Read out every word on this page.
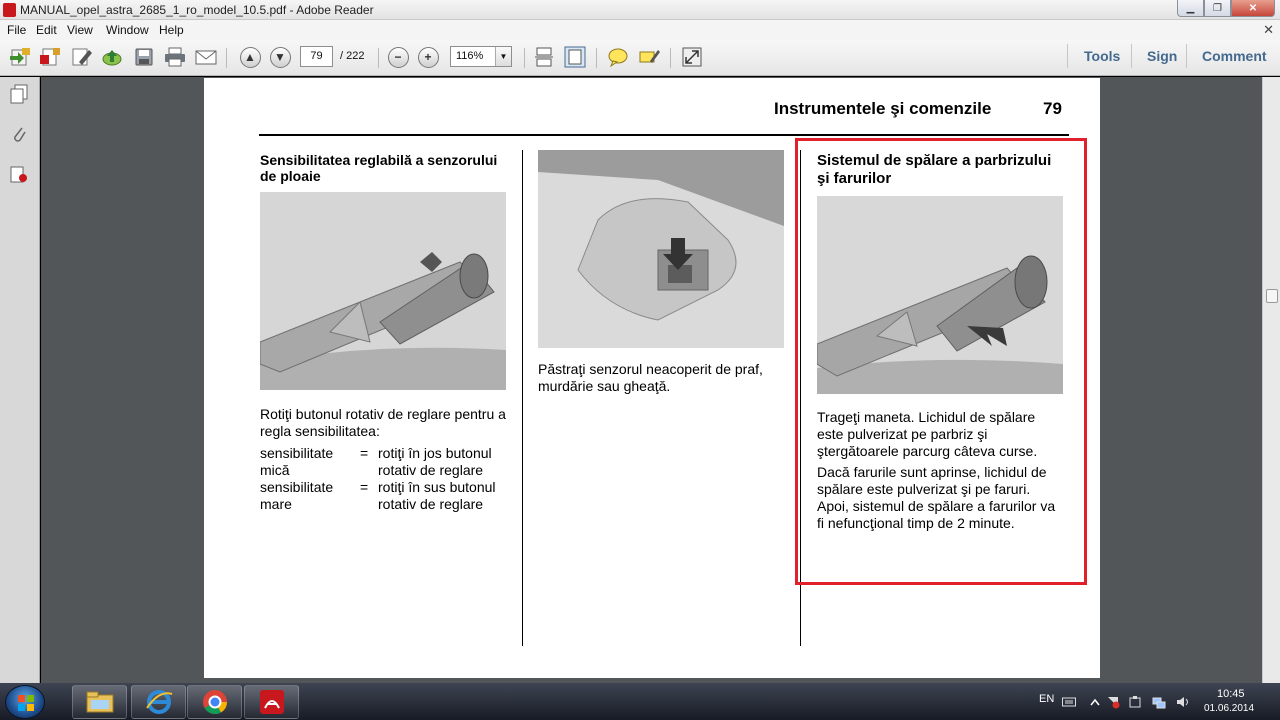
MANUAL_opel_astra_2685_1_ro_model_10.5.pdf - Adobe Reader	▁	❐	✕
File Edit View Window Help	✕
▲	▼	−	+
79	/ 222	116%	▼	Tools Sign Comment
Instrumentele şi comenzile	79
Sensibilitatea reglabilă a senzorului de ploaie
Rotiţi butonul rotativ de reglare pentru a regla sensibilitatea:
sensibilitate mică
= rotiţi în jos butonul rotativ de reglare
sensibilitate mare
= rotiţi în sus butonul rotativ de reglare
Păstraţi senzorul neacoperit de praf, murdărie sau gheaţă.
Sistemul de spălare a parbrizului şi farurilor
Trageţi maneta. Lichidul de spălare este pulverizat pe parbriz şi ştergătoarele parcurg câteva curse.
Dacă farurile sunt aprinse, lichidul de spălare este pulverizat şi pe faruri. Apoi, sistemul de spălare a farurilor va fi nefuncţional timp de 2 minute.
EN	10:45
01.06.2014
